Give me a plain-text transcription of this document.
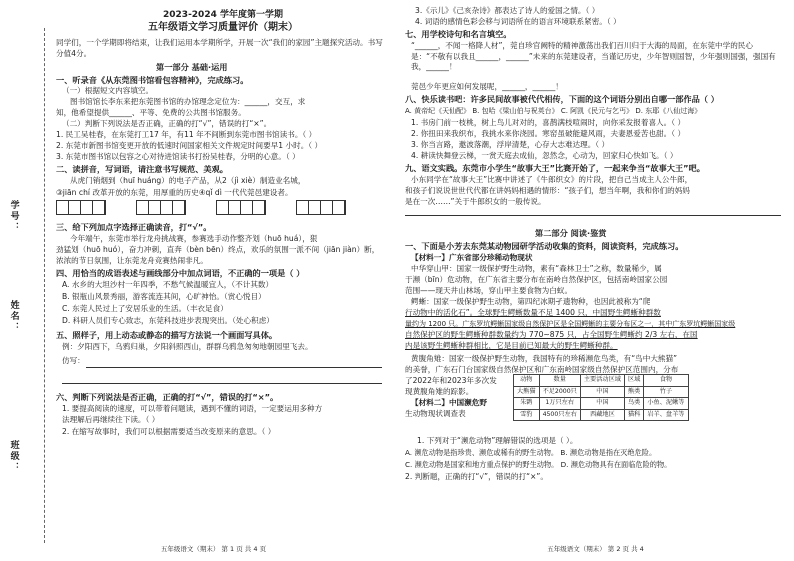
学号：
姓名：
班级：
2023-2024 学年度第一学期
五年级语文学习质量评价（期末）
同学们，一个学期即将结束，让我们运用本学期所学，开展一次“我们的家园”主题探究活动。书写分值4分。
第一部分 基础·运用
一、听录音《从东莞图书馆看包容精神》，完成练习。
（一）根据短文内容填空。
图书馆馆长李东来把东莞图书馆的办馆理念定位为：______，交互，求
知，他希望提供______、平等、免费的公共图书馆服务。
（二）判断下列说法是否正确，正确的打“√”，错误的打“×”。
1. 民工吴桂春，在东莞打工17 年，有11 年不间断到东莞市图书馆读书。（ ）
2. 东莞市新图书馆变更开放的低速时间国家相关文件规定时间要早1 小时。（ ）
3. 东莞市图书馆以包容之心对待进馆读书打扮吴桂春，分明的心意。（ ）
二、读拼音，写词语，请注意书写规范、美观。
从虎门销烟到（huī huáng）的电子产品，从2（jì xiè）制造业名城，
③jiān chí 改革开放的东莞，用厚重的历史④qǐ dì 一代代莞邑建设者。
三、给下列加点字选择正确读音，打“√”。
今年端午，东莞市举行龙舟挑战赛，参赛选手动作整齐划（huō huá），狠
劲猛划（huō huó），奋力冲刺，直奔（bèn bēn）终点，欢乐的氛围一派不间（jiān jiàn）断，
浓浓的节日氛围，让东莞龙舟竞赛热闹非凡。
四、用恰当的成语表述与画线部分中加点词语，不正确的一项是（ ）
A. 水乡的大坦沙村一年四季，不愁气候温暖宜人，（不计其数）
B. 银瓶山风景秀丽，游客流连其间，心旷神怡。（赏心悦目）
C. 东莞人民过上了安居乐业的生活。（丰衣足食）
D. 科研人员们专心致志，东莞科技进步表现突出。（处心积虑）
五、照样子，用上动态或静态的描写方法说一个画面写具体。
例：夕阳西下，乌鸦归巢，夕阳斜照西山，群群乌鸦急匆匆地朝园里飞去。
仿写：
六、判断下列说法是否正确，正确的打“√”，错误的打“×”。
1. 要提高阅读的速度，可以带着问题读，遇到不懂的词语，一定要运用多种方
法理解后再继续往下读。（ ）
2. 在缩写故事时，我们可以根据需要适当改变原来的意思。（ ）
五年级语文（期末） 第 1 页 共 4 页
3.《示儿》《己亥杂诗》都表达了诗人的爱国之情。（ ）
4. 词语的感情色彩会移与词语所在的语言环境联系紧密。（ ）
七、用学校诗句和名言填空。
“______，不闻一格降人材”，莞自珍官阙特的精神激荡出我们百川归于大海的局面，在东莞中学的民心是：“不敬有以我且______，______”未来的东莞建设者，当谨记历史，少年智则国智，少年强则国强，强国有我，______！
莞邑少年更应如何发展呢，______，______！
八、快乐读书吧：许多民间故事被代代相传，下面的这个词语分别出自哪一部作品（ ）
A. 黄帝纪《天仙配》 B. 包哈《梁山伯与祝英台》 C. 阿凯《民元与乞丐》 D. 东耶《八仙过海》
1. 书房门前一枝桃，树上鸟儿对对的，喜鹊满枝喧闹时，向你采发报着喜人。（ ）
2. 你扭田来我织布，我挑水来你浇园。寒窑虽破能避风雨，夫妻恩爱苦也甜。（ ）
3. 你当言路，邀波落潮，浮岸清楚，心存大志难达理。（ ）
4. 耕读快舞登云梯，一赏天庭去成仙，忽然念，心动为，回家归心快如飞。（ ）
九、语文实践。东莞市小学生“故事大王”比赛开始了，一起来争当“故事大王”吧。
小东同学在“故事大王”比赛中讲述了《牛郎织女》的片段，把自己当成主人公牛郎，
和孩子们说说世世代代都在讲妈妈相遇的情形：“孩子们，想当年啊，我和你们的妈妈
是在一次……”关于牛郎织女的一般传说。
第二部分 阅读·鉴赏
一、下面是小芳去东莞某动物园研学活动收集的资料，阅读资料，完成练习。
【材料一】广东省部分珍稀动物现状
中华穿山甲：国家一级保护野生动物，素有“森林卫士”之称，数量稀少，属
于濒（bīn）危动物，在广东省主要分布在南岭自然保护区，包括南岭国家公园
范围——现天井山林场，穿山甲主要食物为白蚁。
鳄蜥：国家一级保护野生动物，第四纪冰期孑遗物种，也因此被称为“爬
行动物中的活化石”。全球野生鳄蜥数量不足 1400 只，中国野生鳄蜥种群数
量约为 1200 只。广东罗坑鳄蜥国家级自然保护区是全国鳄蜥的主要分布区之一，其中广东罗坑鳄蜥国家级
自然保护区的野生鳄蜥种群数量约为 770~875 只，占全国野生鳄蜥约 2/3 左右，在国
内是该野生鳄蜥种群相比，它是目前已知最大的野生鳄蜥种群。
黄腹角雉：国家一级保护野生动物，我国特有的珍稀濒危鸟类，有“鸟中大熊猫”
的美誉，广东石门台国家级自然保护区和广东南岭国家级自然保护区范围内，分布
了2022年和2023年多次发
现黄腹角雉的踪影。
【材料二】中国濒危野
生动物现状调查表
动物	数量	主要活动区域	区域	食物
大熊猫	不足2000只	中国	熊类	竹子
朱鹮	1万只左右	中国	鸟类	小鱼、泥鳅等
雪豹	4500只左右	西藏地区	猫科	岩羊、盘羊等
1. 下列对于“濒危动物”理解错误的选项是（ ）。
A. 濒危动物是指珍贵、濒危或稀有的野生动物。 B. 濒危动物是指在灭绝危险。
C. 濒危动物是国家和地方重点保护的野生动物。 D. 濒危动物具有在面临危险的物。
2. 判断题，正确的打“√”，错误的打“×”。
五年级语文（期末） 第 2 页 共 4
